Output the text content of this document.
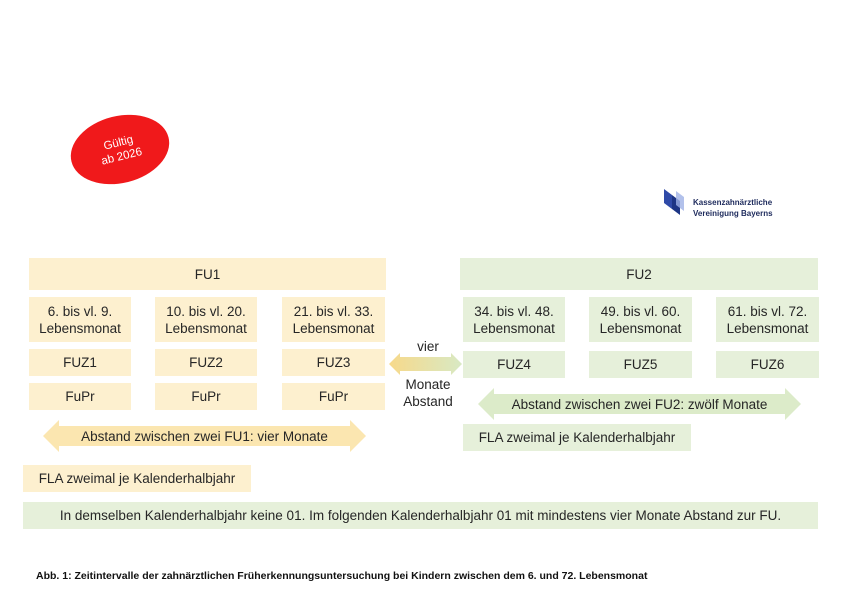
Gültig
ab 2026
Kassenzahnärztliche
Vereinigung Bayerns
FU1
6. bis vl. 9.
Lebensmonat
10. bis vl. 20.
Lebensmonat
21. bis vl. 33.
Lebensmonat
FUZ1	FUZ2	FUZ3
FuPr	FuPr	FuPr
Abstand zwischen zwei FU1: vier Monate
FLA zweimal je Kalenderhalbjahr
vier
Monate
Abstand
FU2
34. bis vl. 48.
Lebensmonat
49. bis vl. 60.
Lebensmonat
61. bis vl. 72.
Lebensmonat
FUZ4	FUZ5	FUZ6
Abstand zwischen zwei FU2: zwölf Monate
FLA zweimal je Kalenderhalbjahr
In demselben Kalenderhalbjahr keine 01. Im folgenden Kalenderhalbjahr 01 mit mindestens vier Monate Abstand zur FU.
Abb. 1: Zeitintervalle der zahnärztlichen Früherkennungsuntersuchung bei Kindern zwischen dem 6. und 72. Lebensmonat
